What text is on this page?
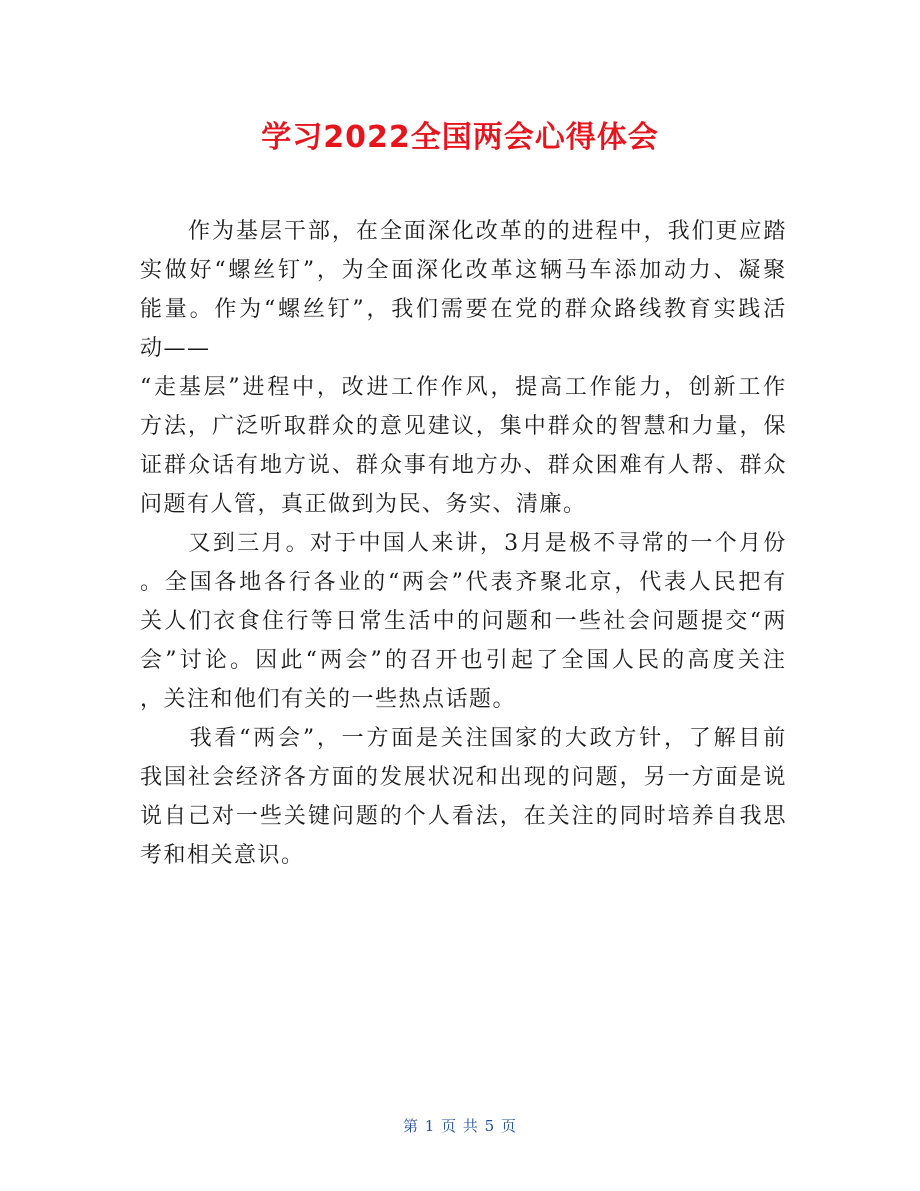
学习2022全国两会心得体会
　　作为基层干部，在全面深化改革的的进程中，我们更应踏
实做好“螺丝钉”，为全面深化改革这辆马车添加动力、凝聚
能量。作为“螺丝钉”，我们需要在党的群众路线教育实践活
动——
“走基层”进程中，改进工作作风，提高工作能力，创新工作
方法，广泛听取群众的意见建议，集中群众的智慧和力量，保
证群众话有地方说、群众事有地方办、群众困难有人帮、群众
问题有人管，真正做到为民、务实、清廉。
　　又到三月。对于中国人来讲，3月是极不寻常的一个月份
。全国各地各行各业的“两会”代表齐聚北京，代表人民把有
关人们衣食住行等日常生活中的问题和一些社会问题提交“两
会”讨论。因此“两会”的召开也引起了全国人民的高度关注
，关注和他们有关的一些热点话题。
　　我看“两会”，一方面是关注国家的大政方针，了解目前
我国社会经济各方面的发展状况和出现的问题，另一方面是说
说自己对一些关键问题的个人看法，在关注的同时培养自我思
考和相关意识。
第 1 页 共 5 页
